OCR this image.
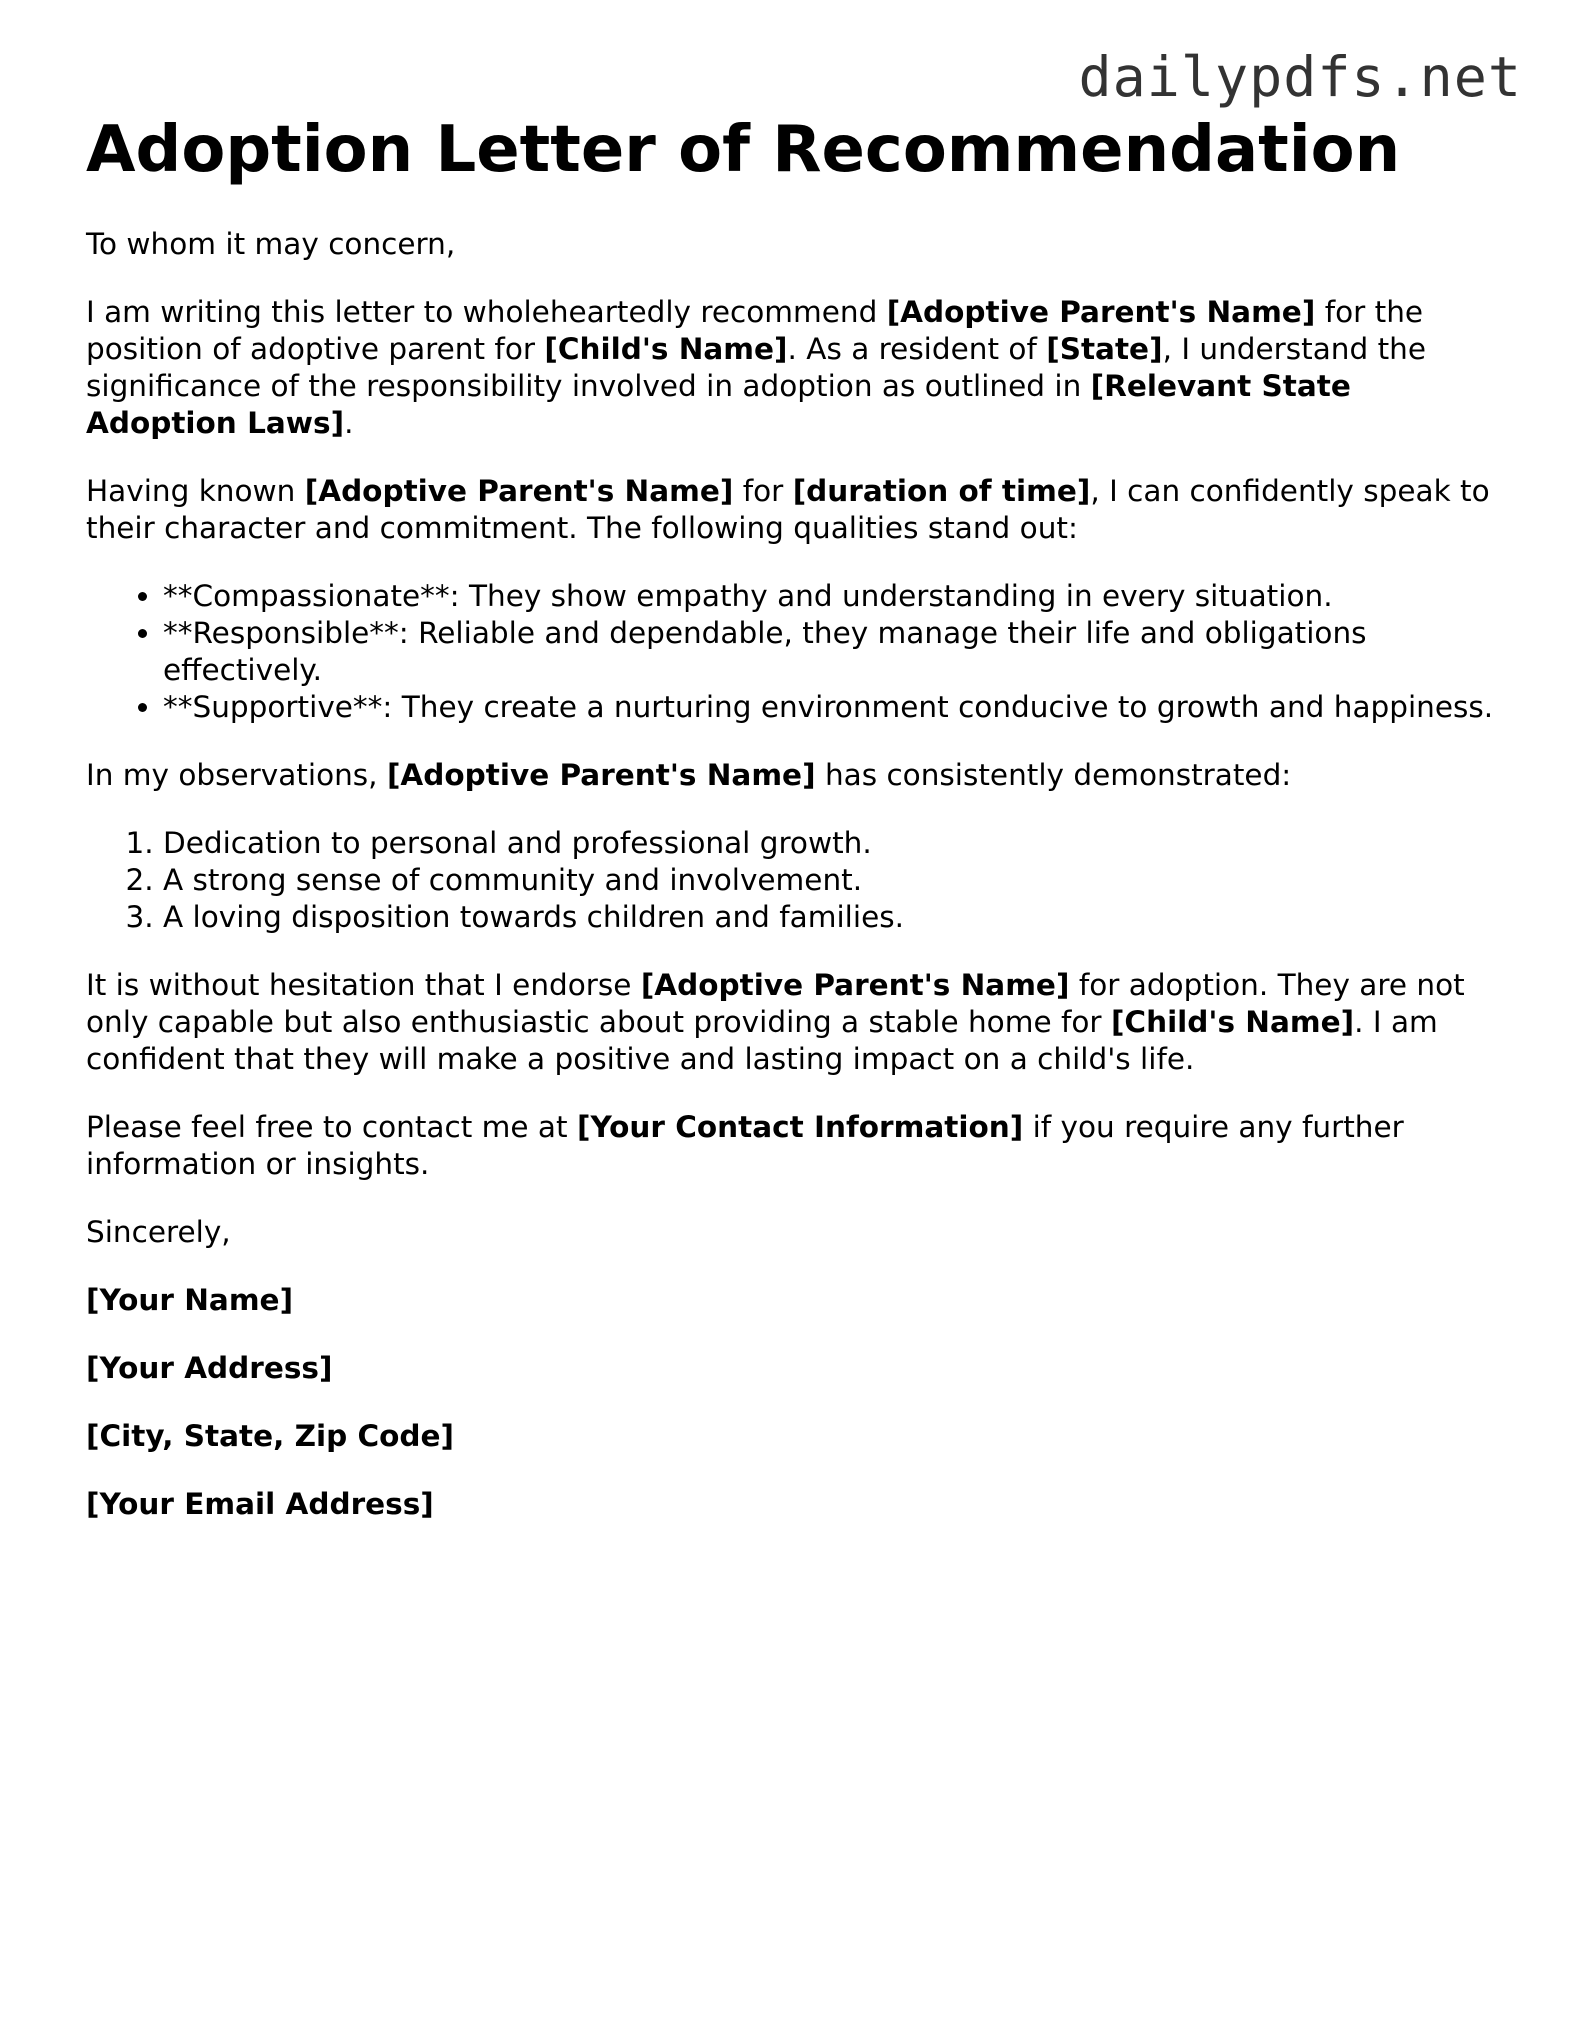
dailypdfs.net
Adoption Letter of Recommendation

To whom it may concern,

I am writing this letter to wholeheartedly recommend [Adoptive Parent's Name] for the position of adoptive parent for [Child's Name]. As a resident of [State], I understand the significance of the responsibility involved in adoption as outlined in [Relevant State Adoption Laws].

Having known [Adoptive Parent's Name] for [duration of time], I can confidently speak to their character and commitment. The following qualities stand out:

• **Compassionate**: They show empathy and understanding in every situation.
• **Responsible**: Reliable and dependable, they manage their life and obligations effectively.
• **Supportive**: They create a nurturing environment conducive to growth and happiness.

In my observations, [Adoptive Parent's Name] has consistently demonstrated:

1. Dedication to personal and professional growth.
2. A strong sense of community and involvement.
3. A loving disposition towards children and families.

It is without hesitation that I endorse [Adoptive Parent's Name] for adoption. They are not only capable but also enthusiastic about providing a stable home for [Child's Name]. I am confident that they will make a positive and lasting impact on a child's life.

Please feel free to contact me at [Your Contact Information] if you require any further information or insights.

Sincerely,

[Your Name]

[Your Address]

[City, State, Zip Code]

[Your Email Address]
